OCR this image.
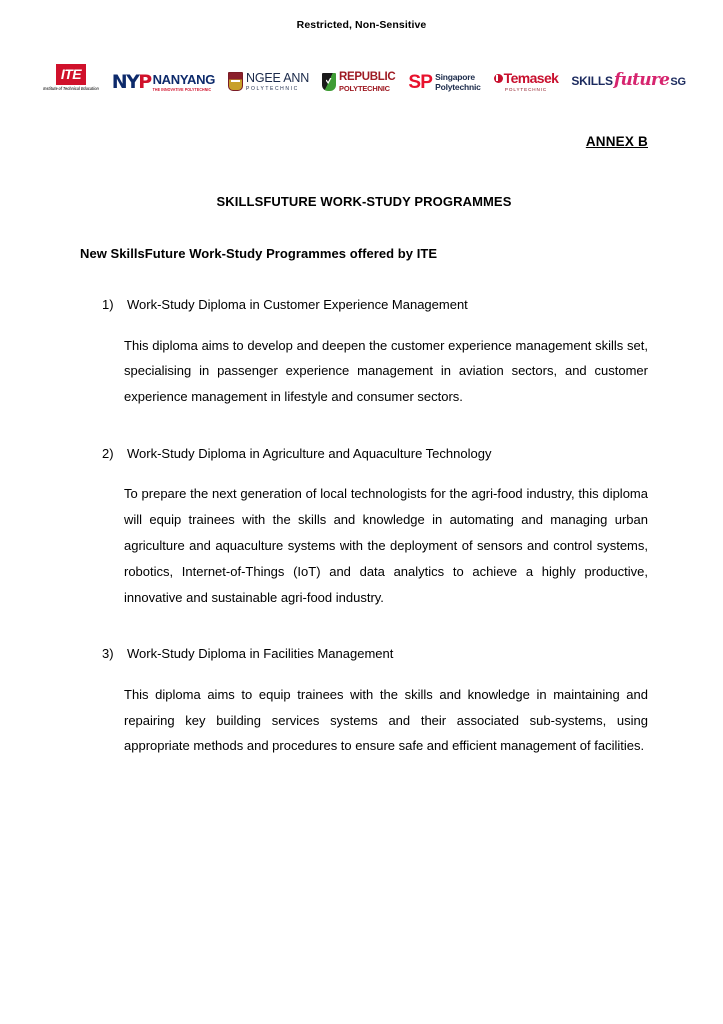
Restricted, Non-Sensitive
ITE
Institute of Technical Education NYP NANYANG
THE INNOVATIVE POLYTECHNIC
NGEE ANN
POLYTECHNIC
REPUBLIC
POLYTECHNIC SP Singapore
Polytechnic
Temasek
POLYTECHNIC
SKILLS future SG
ANNEX B
SKILLSFUTURE WORK-STUDY PROGRAMMES
New SkillsFuture Work-Study Programmes offered by ITE
1)	Work-Study Diploma in Customer Experience Management
This diploma aims to develop and deepen the customer experience management skills set, specialising in passenger experience management in aviation sectors, and customer experience management in lifestyle and consumer sectors.
2)	Work-Study Diploma in Agriculture and Aquaculture Technology
To prepare the next generation of local technologists for the agri-food industry, this diploma will equip trainees with the skills and knowledge in automating and managing urban agriculture and aquaculture systems with the deployment of sensors and control systems, robotics, Internet-of-Things (IoT) and data analytics to achieve a highly productive, innovative and sustainable agri-food industry.
3)	Work-Study Diploma in Facilities Management
This diploma aims to equip trainees with the skills and knowledge in maintaining and repairing key building services systems and their associated sub-systems, using appropriate methods and procedures to ensure safe and efficient management of facilities.
